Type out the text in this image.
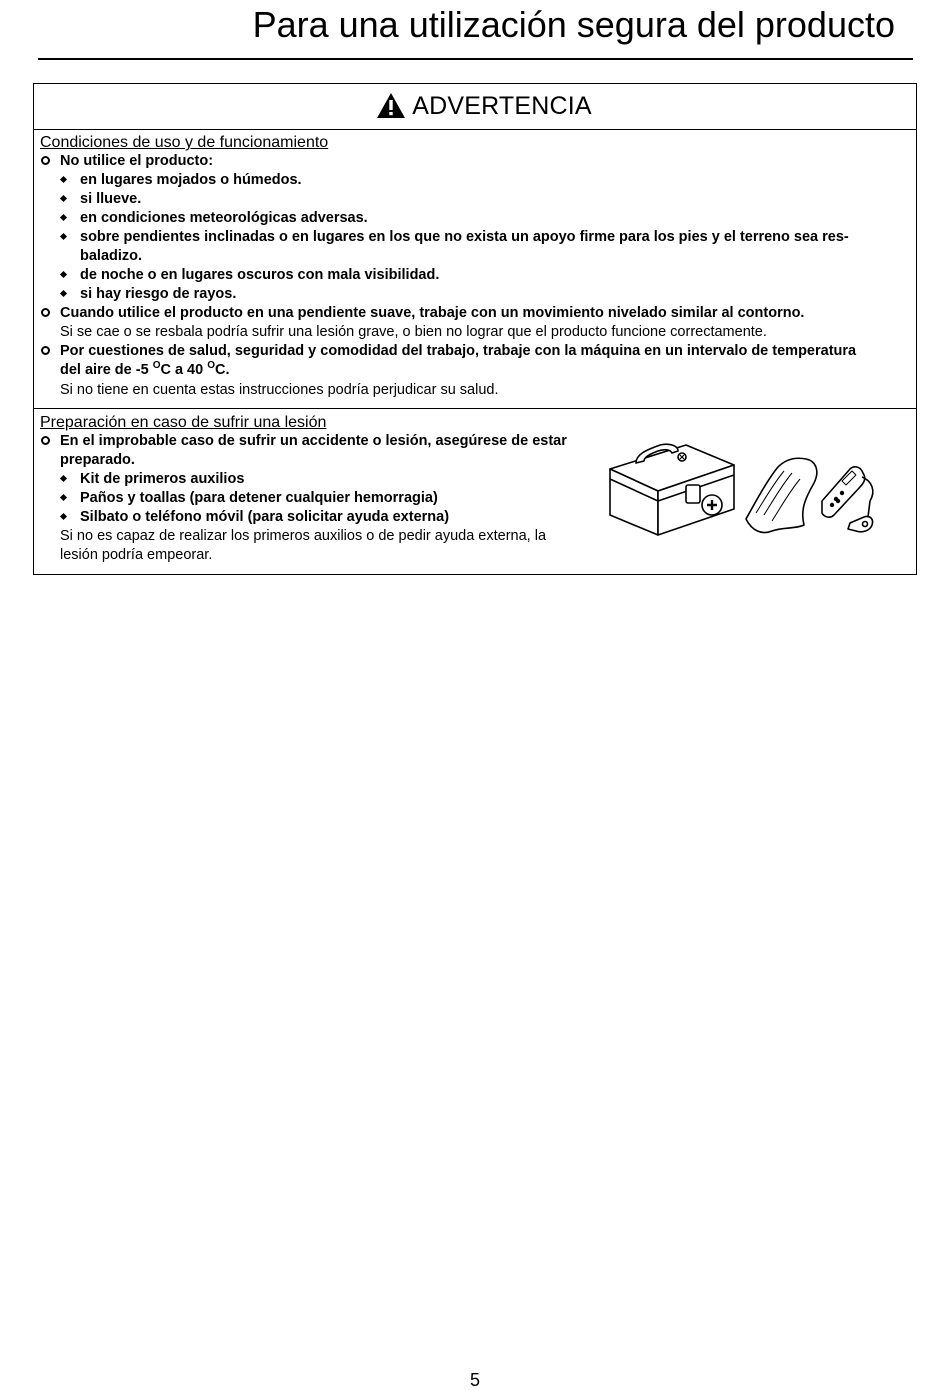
Para una utilización segura del producto
ADVERTENCIA

Condiciones de uso y de funcionamiento

No utilice el producto:

en lugares mojados o húmedos.

si llueve.

en condiciones meteorológicas adversas.

sobre pendientes inclinadas o en lugares en los que no exista un apoyo firme para los pies y el terreno sea res-

baladizo.

de noche o en lugares oscuros con mala visibilidad.

si hay riesgo de rayos.

Cuando utilice el producto en una pendiente suave, trabaje con un movimiento nivelado similar al contorno.

Si se cae o se resbala podría sufrir una lesión grave, o bien no lograr que el producto funcione correctamente.

Por cuestiones de salud, seguridad y comodidad del trabajo, trabaje con la máquina en un intervalo de temperatura

del aire de -5 $^O$C a 40 $^O$C.

Si no tiene en cuenta estas instrucciones podría perjudicar su salud.

Preparación en caso de sufrir una lesión

En el improbable caso de sufrir un accidente o lesión, asegúrese de estar

preparado.

Kit de primeros auxilios

Paños y toallas (para detener cualquier hemorragia)

Silbato o teléfono móvil (para solicitar ayuda externa)

Si no es capaz de realizar los primeros auxilios o de pedir ayuda externa, la

lesión podría empeorar.

5
